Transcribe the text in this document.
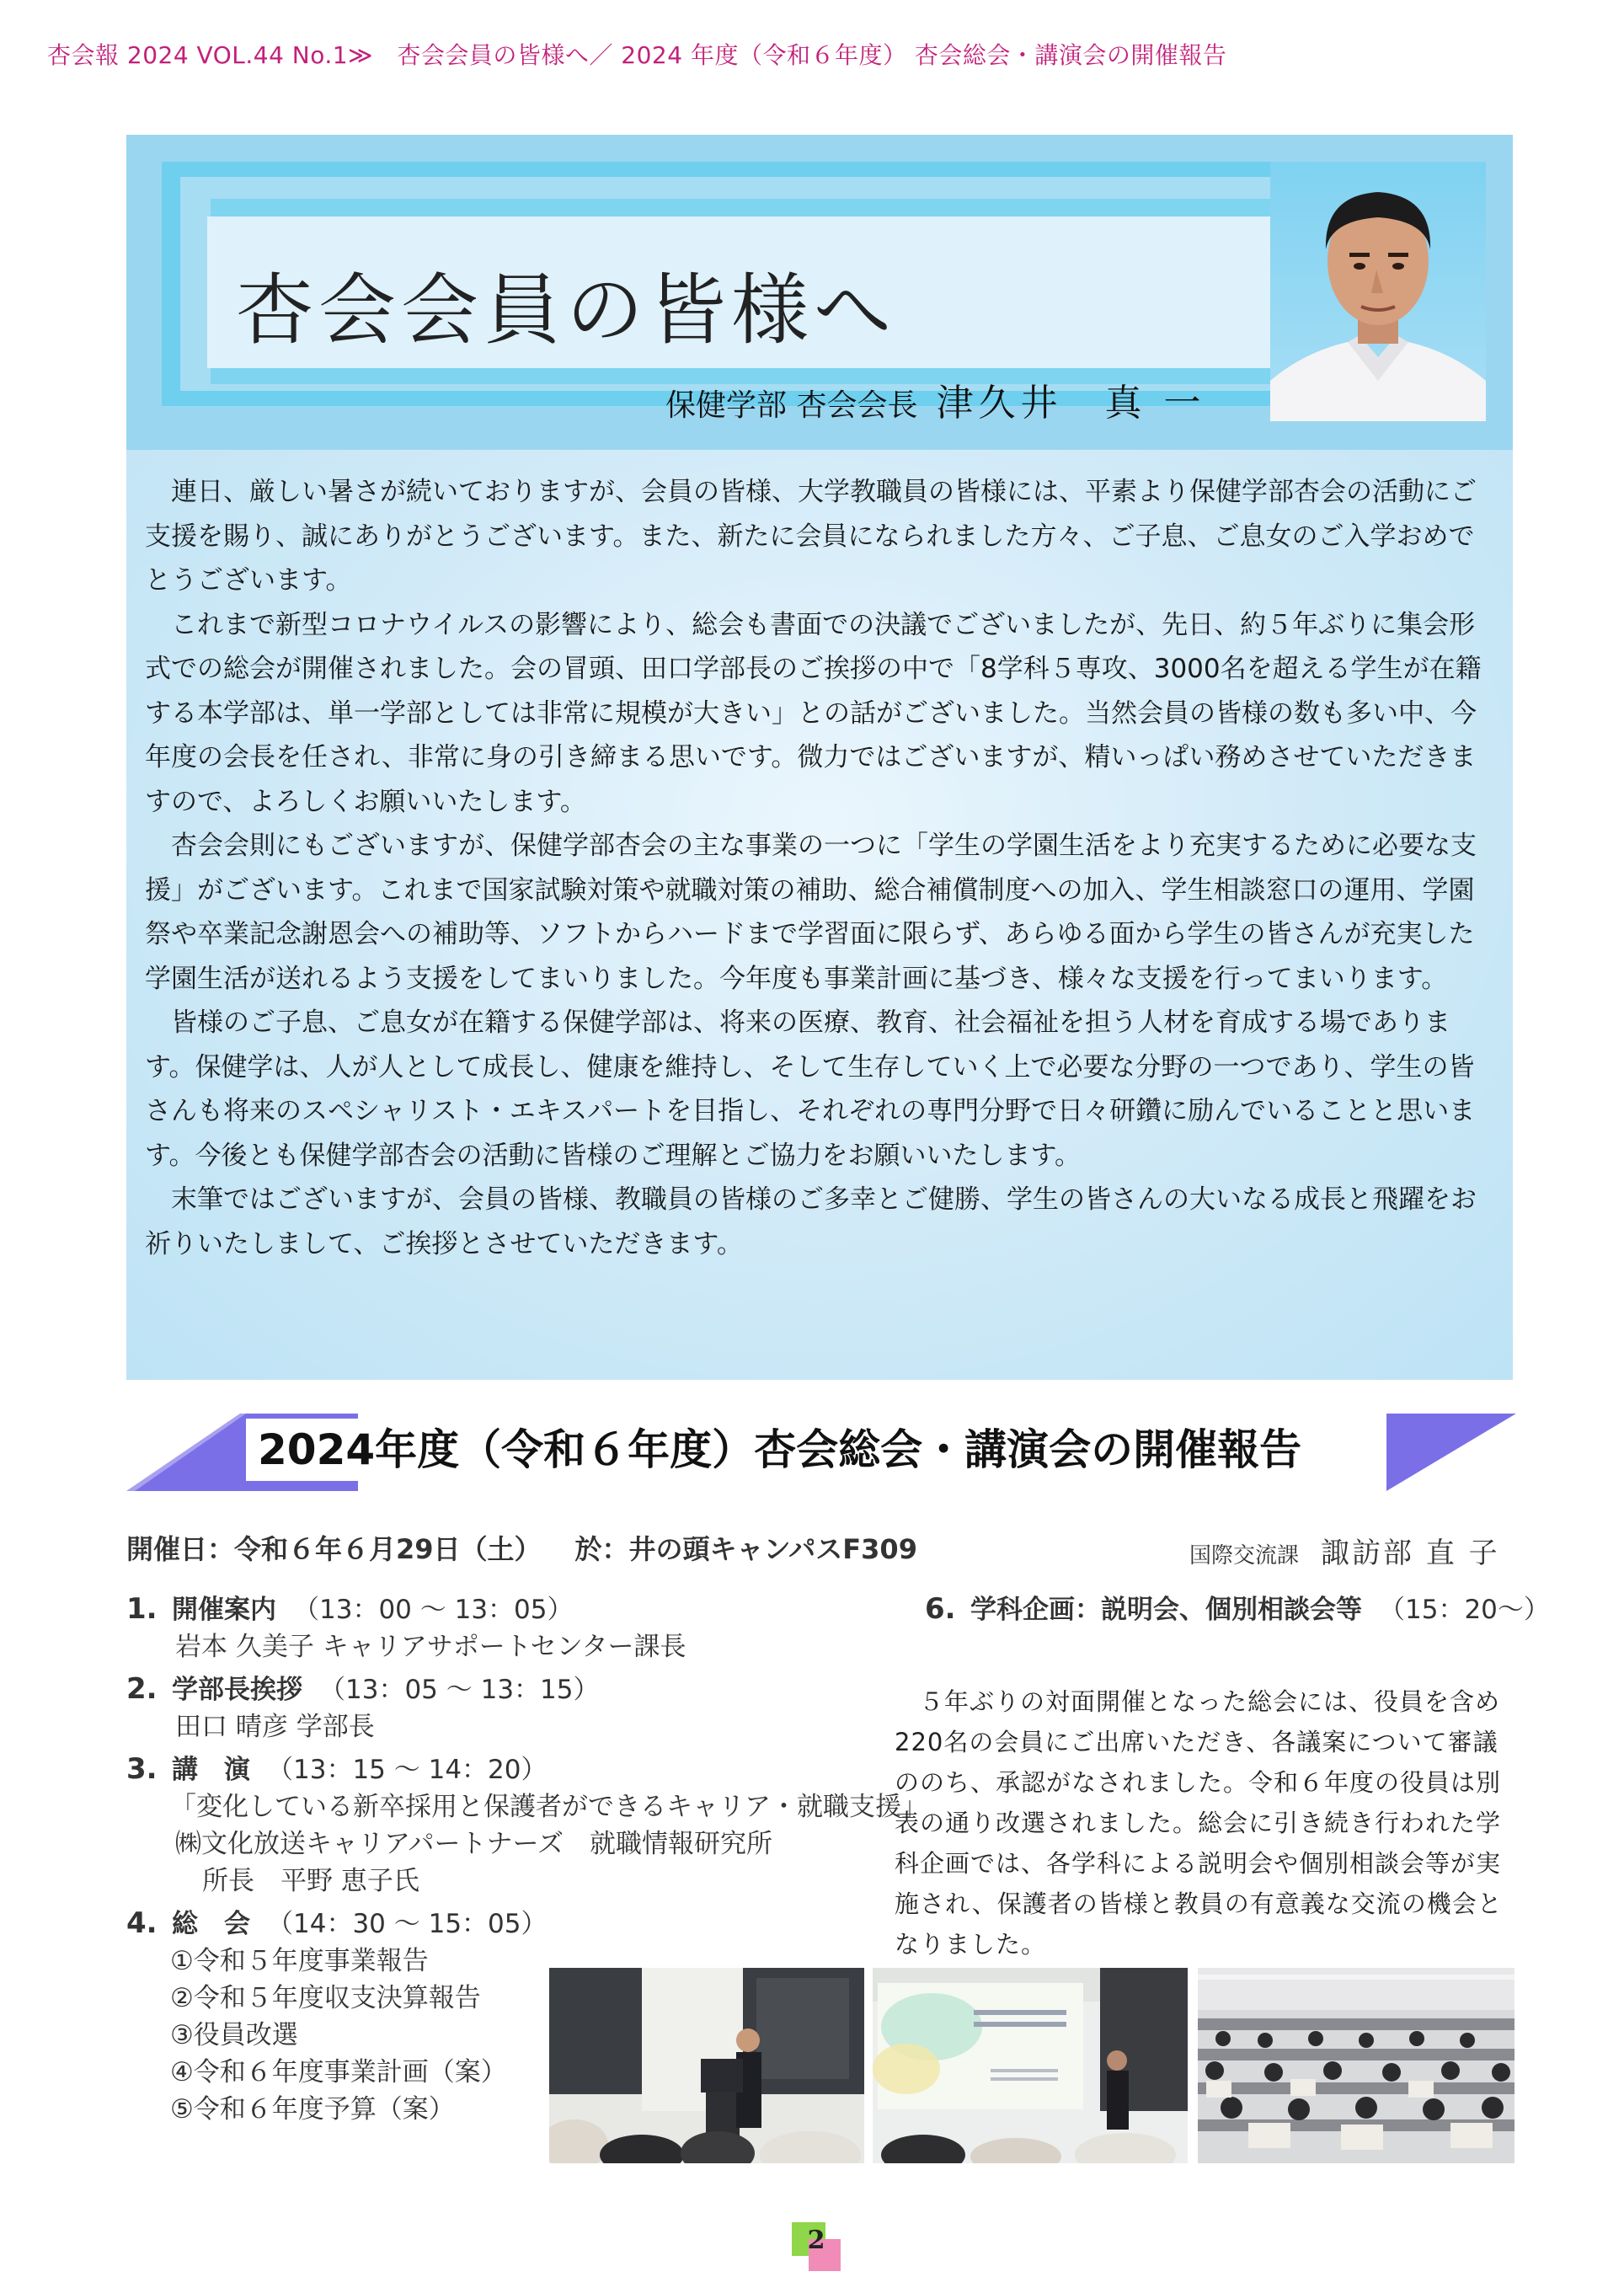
杏会報 2024 VOL.44 No.1≫　杏会会員の皆様へ／ 2024 年度（令和６年度） 杏会総会・講演会の開催報告
杏会会員の皆様へ
保健学部 杏会会長 津久井　真 一

連日、厳しい暑さが続いておりますが、会員の皆様、大学教職員の皆様には、平素より保健学部杏会の活動にご支援を賜り、誠にありがとうございます。また、新たに会員になられました方々、ご子息、ご息女のご入学おめでとうございます。

これまで新型コロナウイルスの影響により、総会も書面での決議でございましたが、先日、約５年ぶりに集会形式での総会が開催されました。会の冒頭、田口学部長のご挨拶の中で「8学科５専攻、3000名を超える学生が在籍する本学部は、単一学部としては非常に規模が大きい」との話がございました。当然会員の皆様の数も多い中、今年度の会長を任され、非常に身の引き締まる思いです。微力ではございますが、精いっぱい務めさせていただきますので、よろしくお願いいたします。

杏会会則にもございますが、保健学部杏会の主な事業の一つに「学生の学園生活をより充実するために必要な支援」がございます。これまで国家試験対策や就職対策の補助、総合補償制度への加入、学生相談窓口の運用、学園祭や卒業記念謝恩会への補助等、ソフトからハードまで学習面に限らず、あらゆる面から学生の皆さんが充実した学園生活が送れるよう支援をしてまいりました。今年度も事業計画に基づき、様々な支援を行ってまいります。

皆様のご子息、ご息女が在籍する保健学部は、将来の医療、教育、社会福祉を担う人材を育成する場であります。保健学は、人が人として成長し、健康を維持し、そして生存していく上で必要な分野の一つであり、学生の皆さんも将来のスペシャリスト・エキスパートを目指し、それぞれの専門分野で日々研鑽に励んでいることと思います。今後とも保健学部杏会の活動に皆様のご理解とご協力をお願いいたします。

末筆ではございますが、会員の皆様、教職員の皆様のご多幸とご健勝、学生の皆さんの大いなる成長と飛躍をお祈りいたしまして、ご挨拶とさせていただきます。

2024年度（令和６年度）杏会総会・講演会の開催報告
開催日：令和６年６月29日（土） 於：井の頭キャンパスF309	国際交流課 諏訪部 直 子
1. 開催案内 （13：00 ～ 13：05）
岩本 久美子 キャリアサポートセンター課長
2. 学部長挨拶 （13：05 ～ 13：15）
田口 晴彦 学部長
3. 講　演 （13：15 ～ 14：20）
「変化している新卒採用と保護者ができるキャリア・就職支援」
㈱文化放送キャリアパートナーズ　就職情報研究所
所長　平野 恵子氏
4. 総　会 （14：30 ～ 15：05）
①令和５年度事業報告
②令和５年度収支決算報告
③役員改選
④令和６年度事業計画（案）
⑤令和６年度予算（案）
6. 学科企画：説明会、個別相談会等 （15：20～）

５年ぶりの対面開催となった総会には、役員を含め220名の会員にご出席いただき、各議案について審議ののち、承認がなされました。令和６年度の役員は別表の通り改選されました。総会に引き続き行われた学科企画では、各学科による説明会や個別相談会等が実施され、保護者の皆様と教員の有意義な交流の機会となりました。

2
